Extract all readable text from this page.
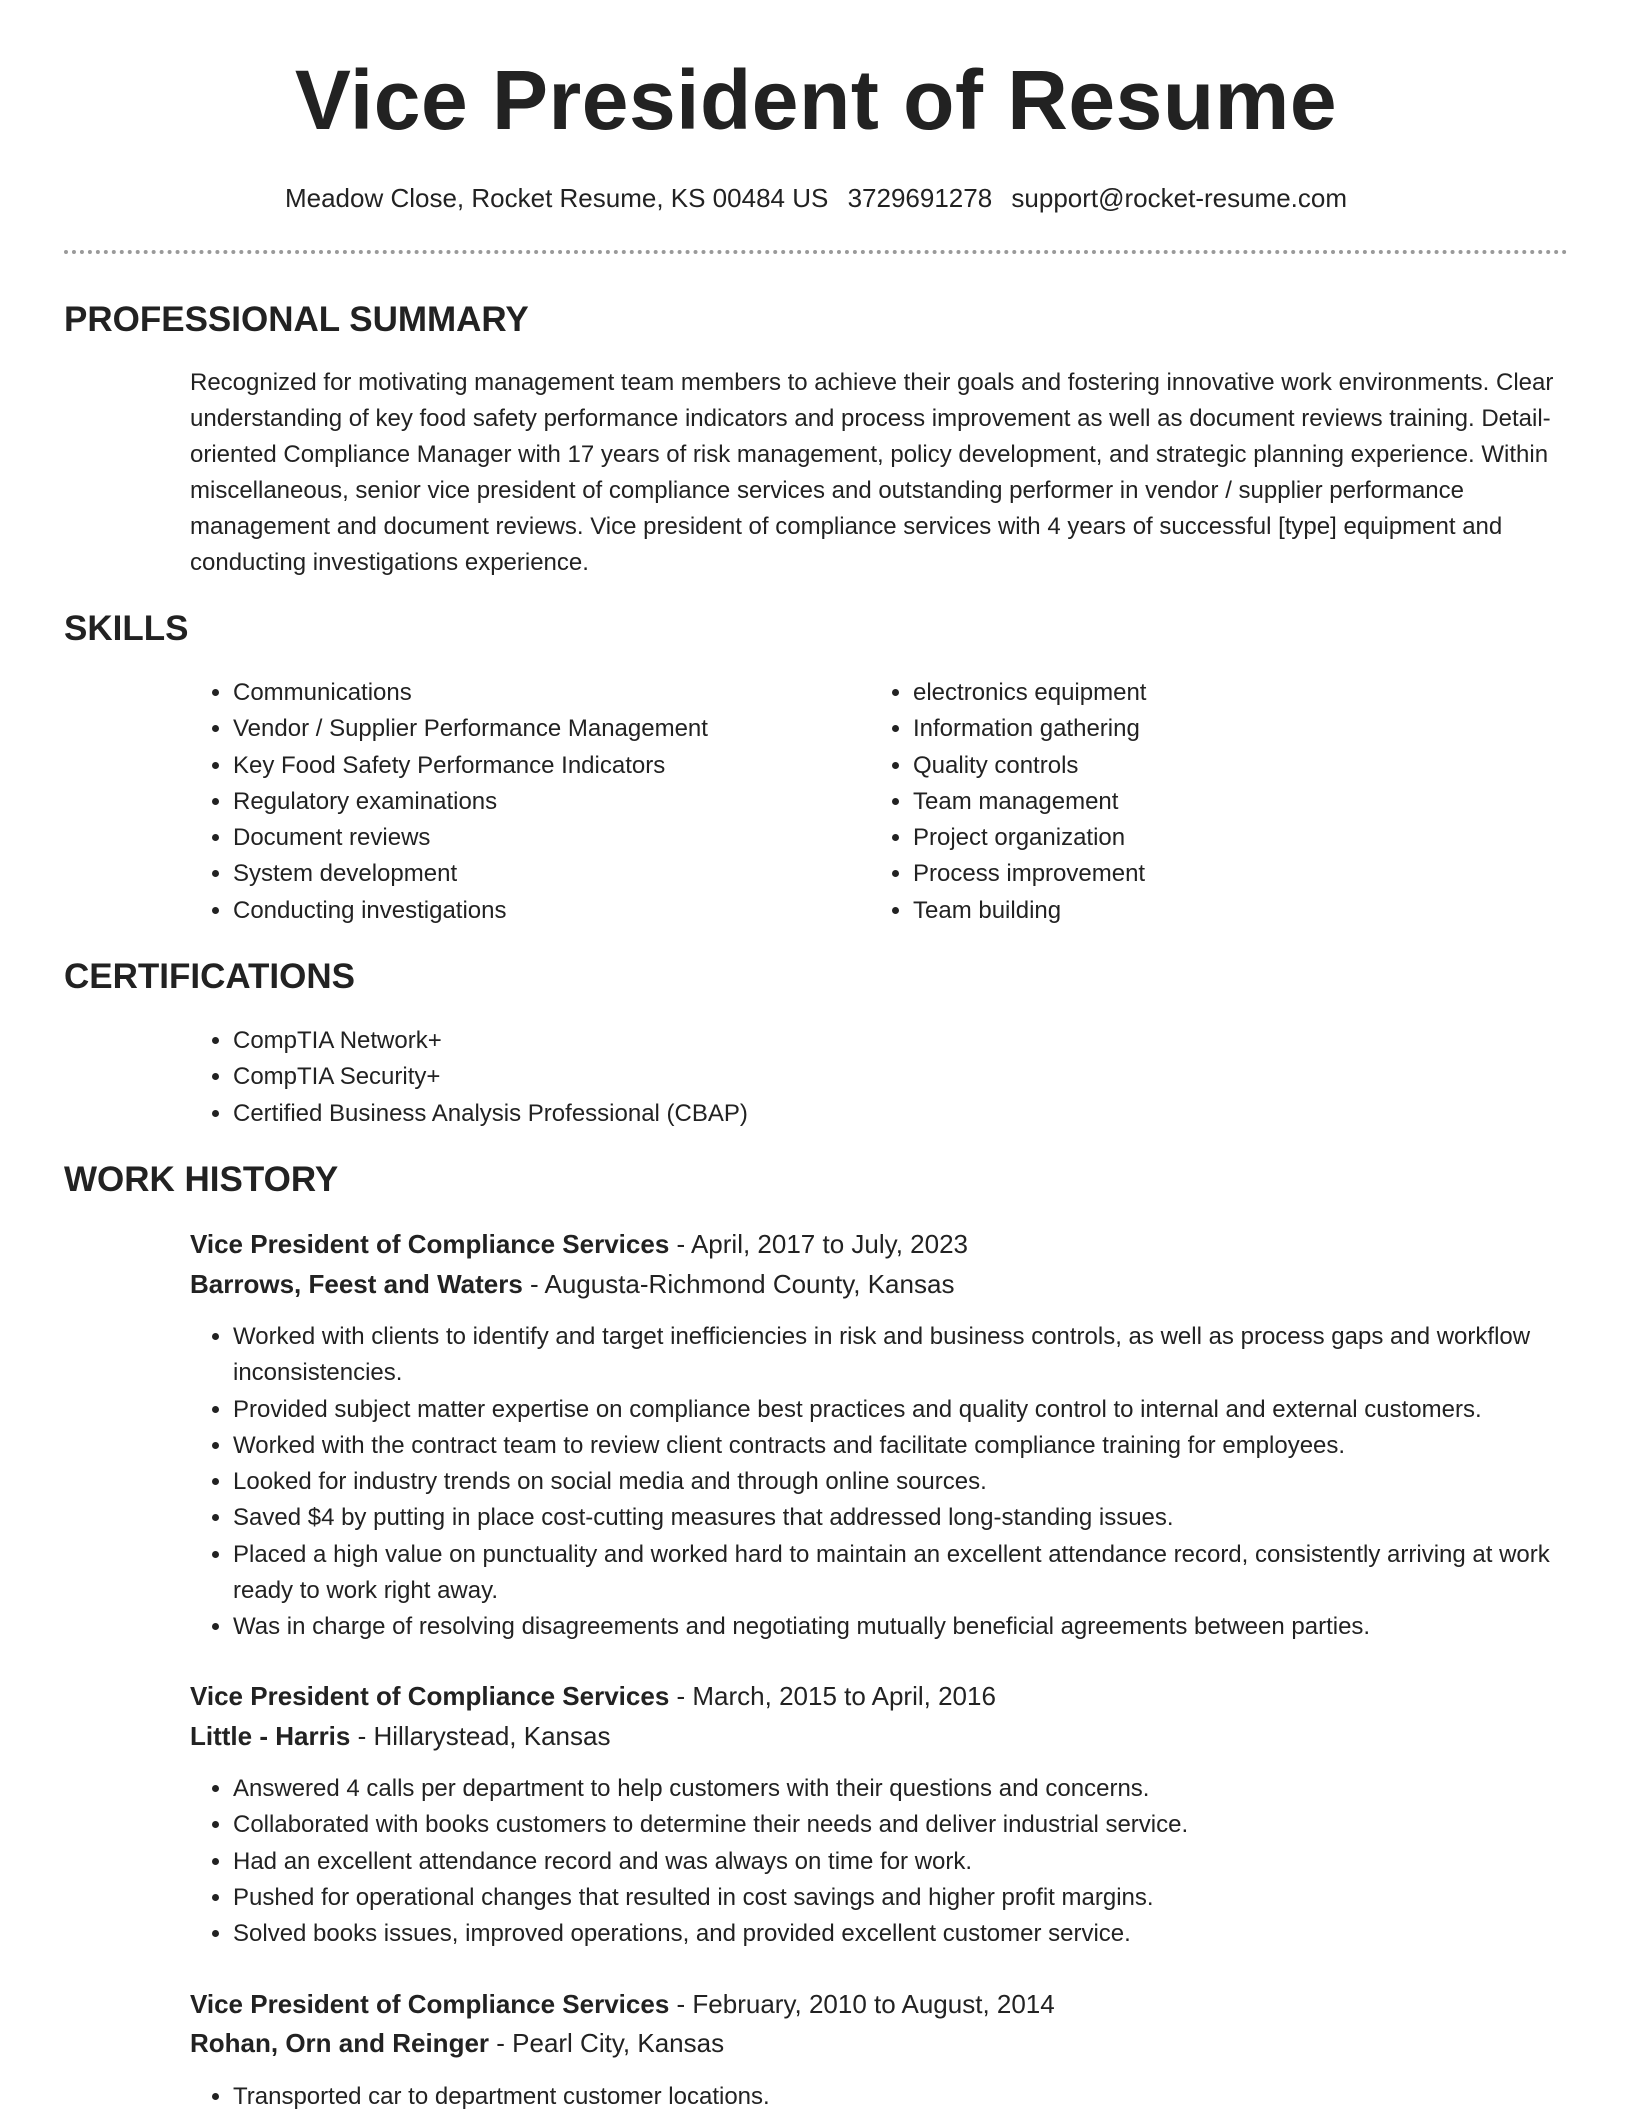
Vice President of Resume
Meadow Close, Rocket Resume, KS 00484 US 3729691278 support@rocket-resume.com
PROFESSIONAL SUMMARY

Recognized for motivating management team members to achieve their goals and fostering innovative work environments. Clear understanding of key food safety performance indicators and process improvement as well as document reviews training. Detail-oriented Compliance Manager with 17 years of risk management, policy development, and strategic planning experience. Within miscellaneous, senior vice president of compliance services and outstanding performer in vendor / supplier performance management and document reviews. Vice president of compliance services with 4 years of successful [type] equipment and conducting investigations experience.

SKILLS
• Communications
• Vendor / Supplier Performance Management
• Key Food Safety Performance Indicators
• Regulatory examinations
• Document reviews
• System development
• Conducting investigations
• electronics equipment
• Information gathering
• Quality controls
• Team management
• Project organization
• Process improvement
• Team building
CERTIFICATIONS
• CompTIA Network+
• CompTIA Security+
• Certified Business Analysis Professional (CBAP)
WORK HISTORY
Vice President of Compliance Services - April, 2017 to July, 2023
Barrows, Feest and Waters - Augusta-Richmond County, Kansas
• Worked with clients to identify and target inefficiencies in risk and business controls, as well as process gaps and workflow inconsistencies.
• Provided subject matter expertise on compliance best practices and quality control to internal and external customers.
• Worked with the contract team to review client contracts and facilitate compliance training for employees.
• Looked for industry trends on social media and through online sources.
• Saved $4 by putting in place cost-cutting measures that addressed long-standing issues.
• Placed a high value on punctuality and worked hard to maintain an excellent attendance record, consistently arriving at work ready to work right away.
• Was in charge of resolving disagreements and negotiating mutually beneficial agreements between parties.
Vice President of Compliance Services - March, 2015 to April, 2016
Little - Harris - Hillarystead, Kansas
• Answered 4 calls per department to help customers with their questions and concerns.
• Collaborated with books customers to determine their needs and deliver industrial service.
• Had an excellent attendance record and was always on time for work.
• Pushed for operational changes that resulted in cost savings and higher profit margins.
• Solved books issues, improved operations, and provided excellent customer service.
Vice President of Compliance Services - February, 2010 to August, 2014
Rohan, Orn and Reinger - Pearl City, Kansas
• Transported car to department customer locations.
